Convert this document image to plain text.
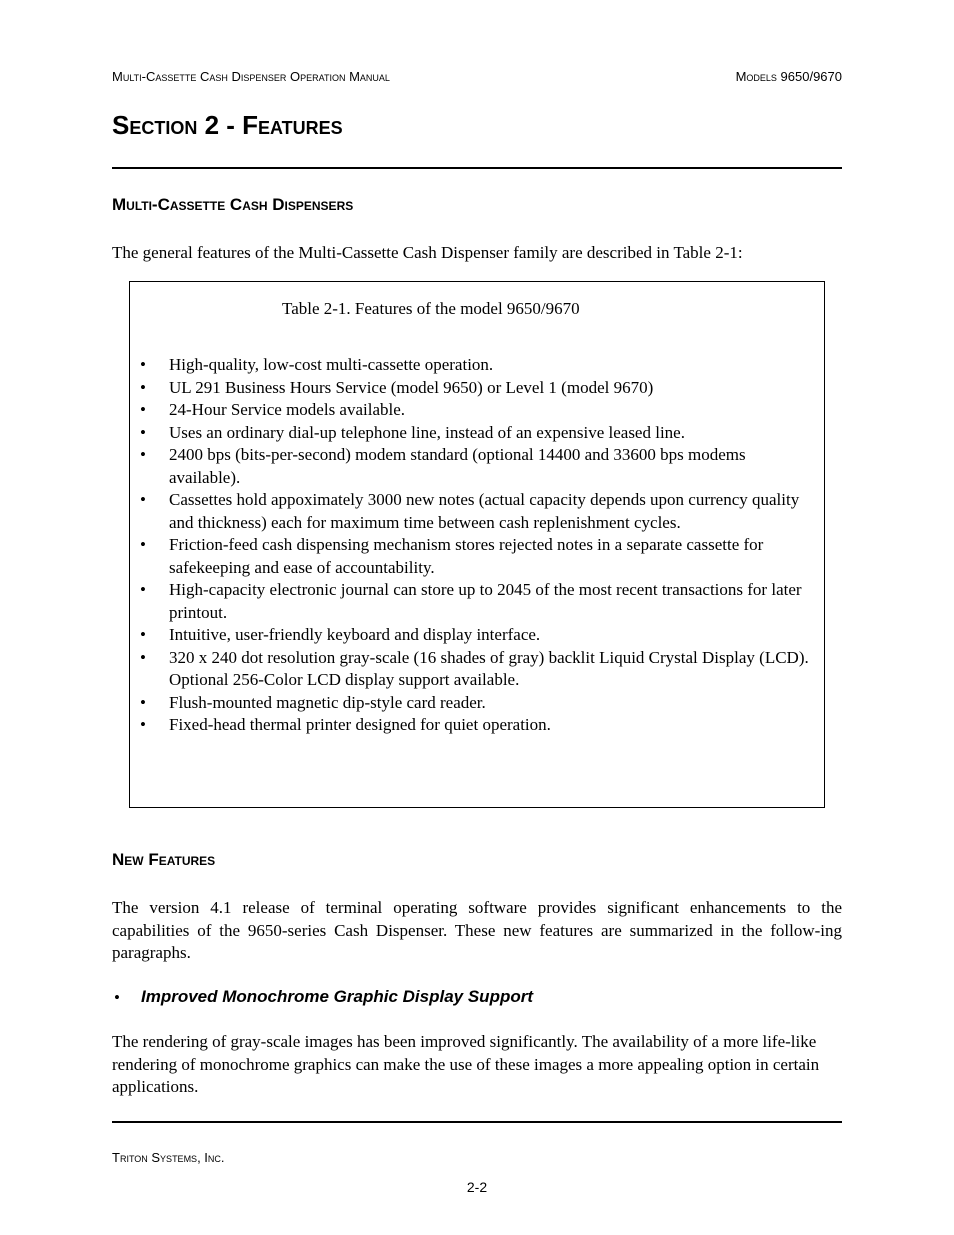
Multi-Cassette Cash Dispenser Operation Manual	Models 9650/9670
Section 2 - Features
Multi-Cassette Cash Dispensers
The general features of the Multi-Cassette Cash Dispenser family are described in Table 2-1:
Table 2-1. Features of the model 9650/9670
• High-quality, low-cost multi-cassette operation.
• UL 291 Business Hours Service (model 9650) or Level 1 (model 9670)
• 24-Hour Service models available.
• Uses an ordinary dial-up telephone line, instead of an expensive leased line.
• 2400 bps (bits-per-second) modem standard (optional 14400 and 33600 bps modems available).
• Cassettes hold appoximately 3000 new notes (actual capacity depends upon currency quality and thickness) each for maximum time between cash replenishment cycles.
• Friction-feed cash dispensing mechanism stores rejected notes in a separate cassette for safekeeping and ease of accountability.
• High-capacity electronic journal can store up to 2045 of the most recent transactions for later printout.
• Intuitive, user-friendly keyboard and display interface.
• 320 x 240 dot resolution gray-scale (16 shades of gray) backlit Liquid Crystal Display (LCD). Optional 256-Color LCD display support available.
• Flush-mounted magnetic dip-style card reader.
• Fixed-head thermal printer designed for quiet operation.
New Features
The version 4.1 release of terminal operating software provides significant enhancements to the capabilities of the 9650-series Cash Dispenser. These new features are summarized in the follow-ing paragraphs.
• Improved Monochrome Graphic Display Support
The rendering of gray-scale images has been improved significantly. The availability of a more life-like rendering of monochrome graphics can make the use of these images a more appealing option in certain applications.
Triton Systems, Inc.
2-2
